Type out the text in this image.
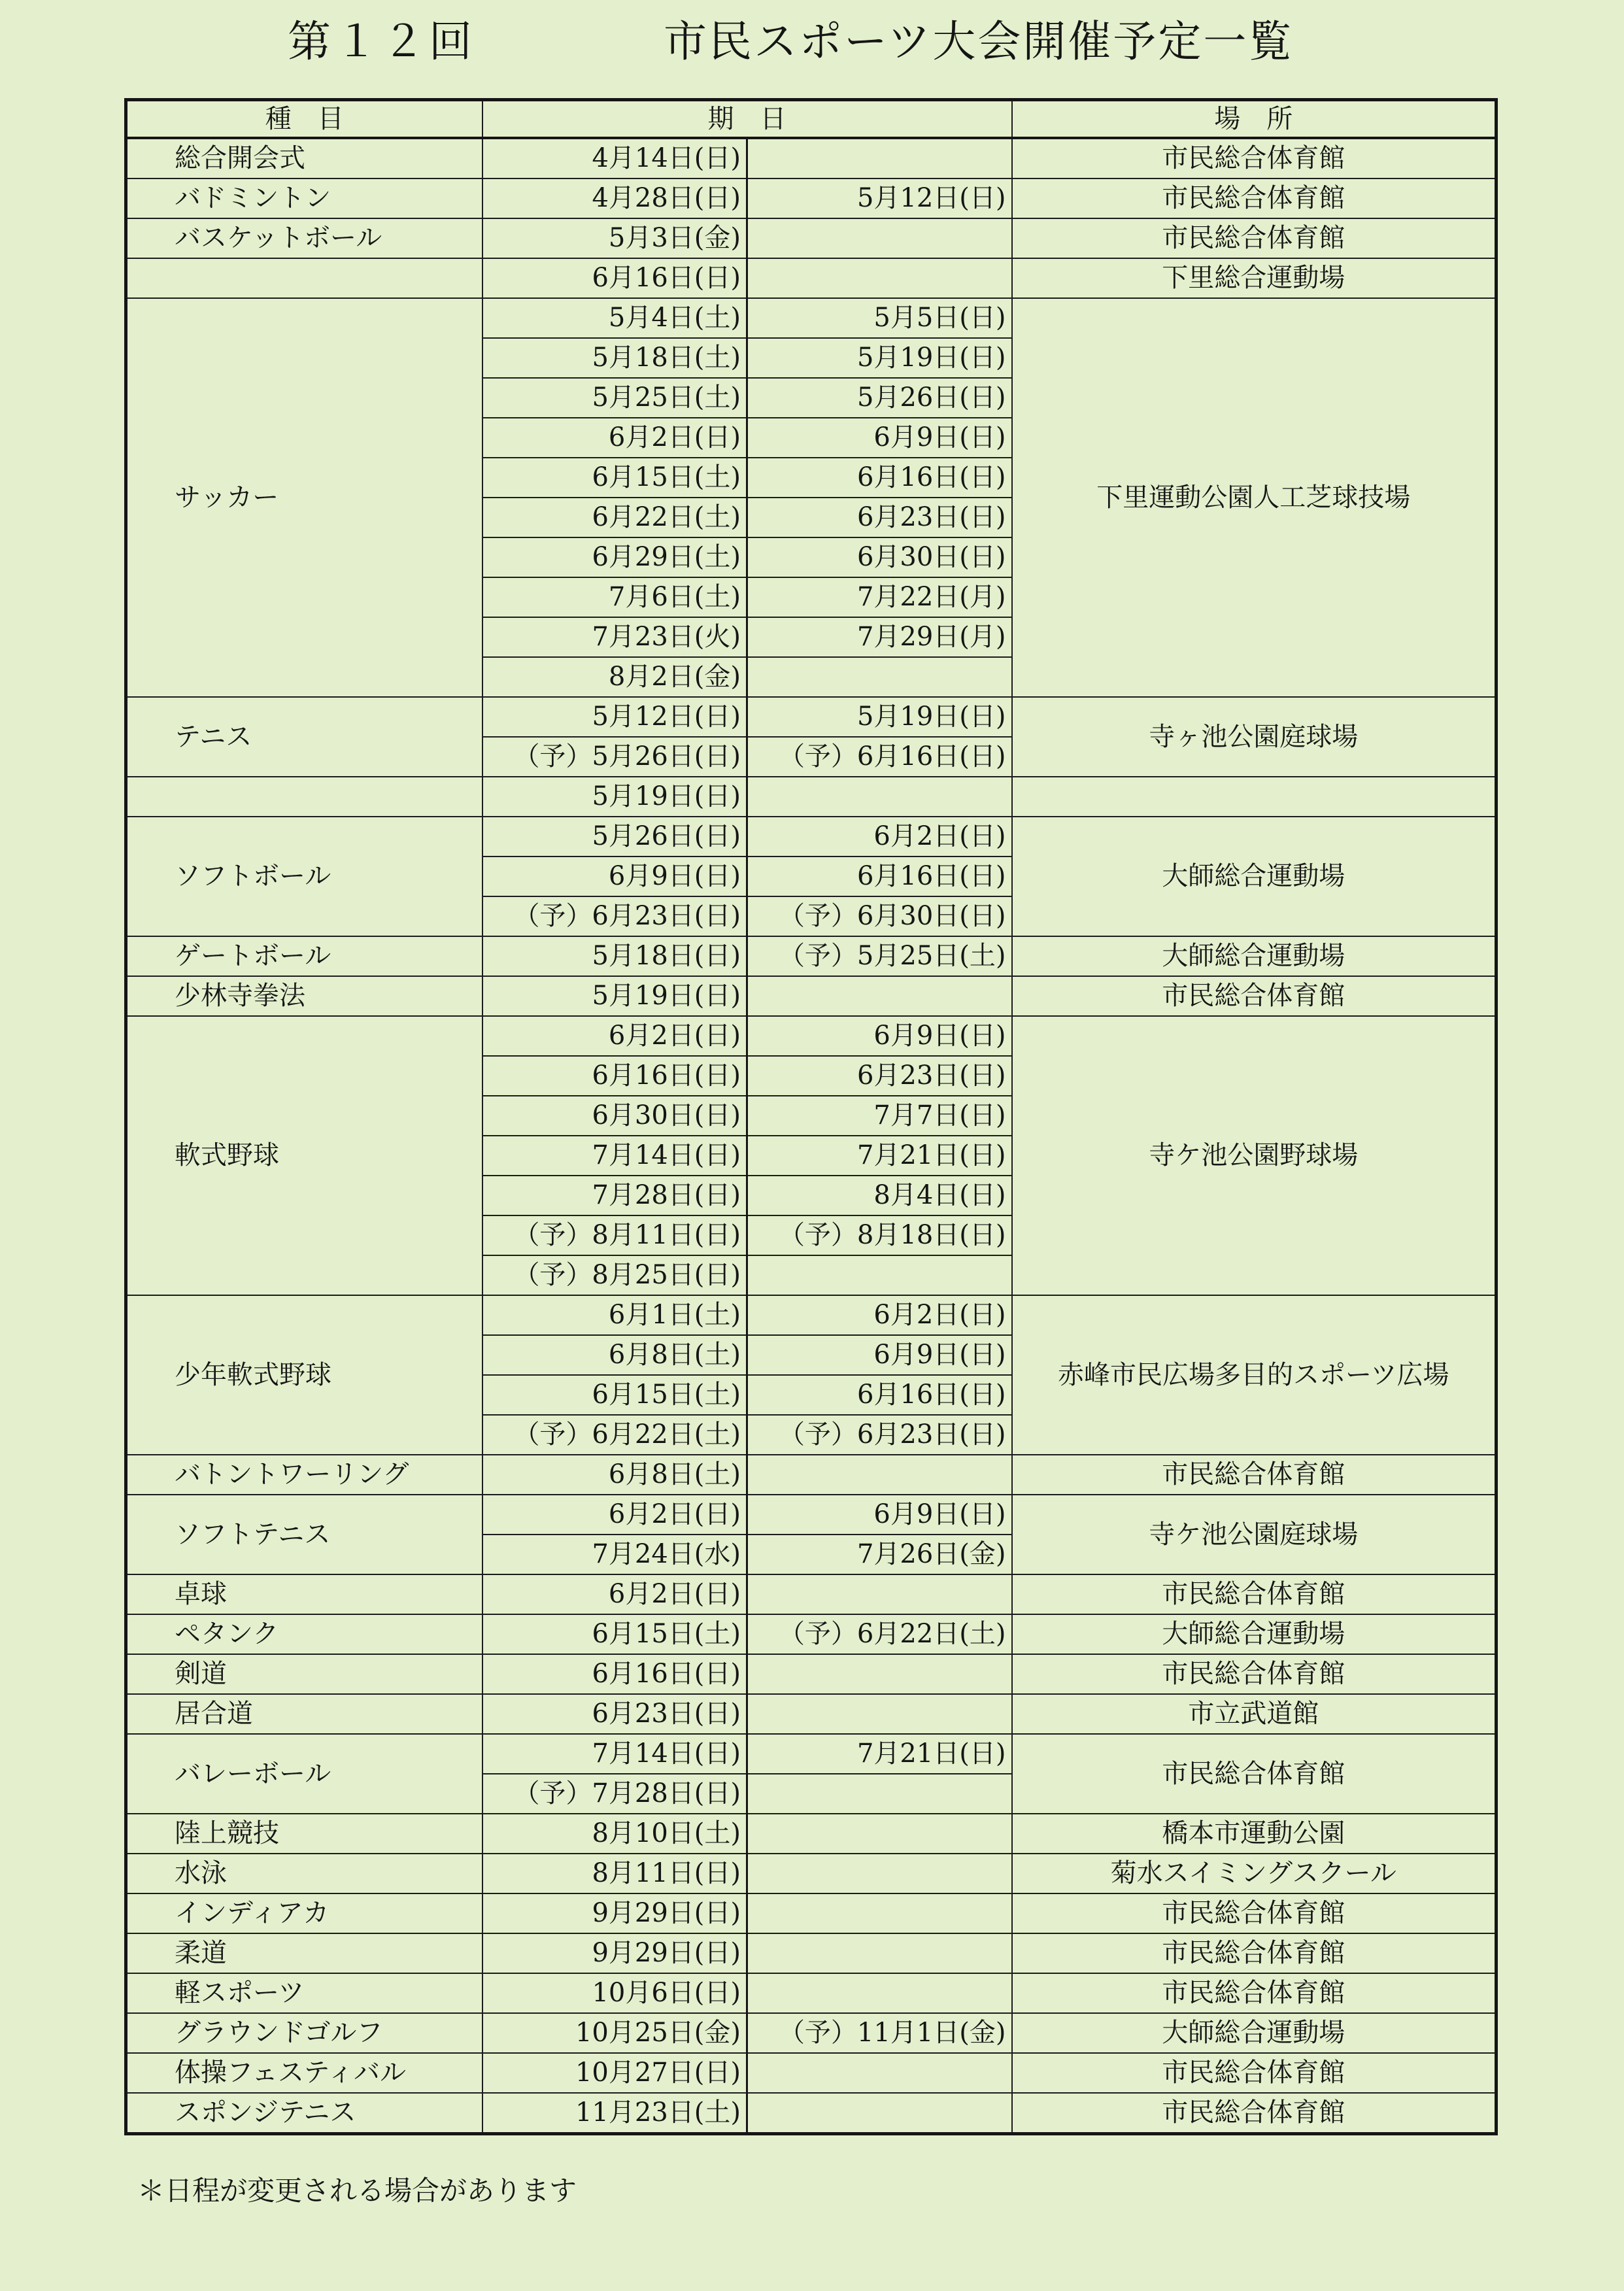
第１２回	市民スポーツ大会開催予定一覧
種　目	期　日		場　所
総合開会式	4月14日(日)		市民総合体育館
バドミントン	4月28日(日)	5月12日(日)	市民総合体育館
バスケットボール	5月3日(金)		市民総合体育館
	6月16日(日)		下里総合運動場
サッカー	5月4日(土)	5月5日(日)	下里運動公園人工芝球技場
	5月18日(土)	5月19日(日)	
	5月25日(土)	5月26日(日)	
	6月2日(日)	6月9日(日)	
	6月15日(土)	6月16日(日)	
	6月22日(土)	6月23日(日)	
	6月29日(土)	6月30日(日)	
	7月6日(土)	7月22日(月)	
	7月23日(火)	7月29日(月)	
	8月2日(金)		
テニス	5月12日(日)	5月19日(日)	寺ヶ池公園庭球場
	（予）5月26日(日)	（予）6月16日(日)	
	5月19日(日)		
ソフトボール	5月26日(日)	6月2日(日)	大師総合運動場
	6月9日(日)	6月16日(日)	
	（予）6月23日(日)	（予）6月30日(日)	
ゲートボール	5月18日(日)	（予）5月25日(土)	大師総合運動場
少林寺拳法	5月19日(日)		市民総合体育館
軟式野球	6月2日(日)	6月9日(日)	寺ケ池公園野球場
	6月16日(日)	6月23日(日)	
	6月30日(日)	7月7日(日)	
	7月14日(日)	7月21日(日)	
	7月28日(日)	8月4日(日)	
	（予）8月11日(日)	（予）8月18日(日)	
	（予）8月25日(日)		
少年軟式野球	6月1日(土)	6月2日(日)	赤峰市民広場多目的スポーツ広場
	6月8日(土)	6月9日(日)	
	6月15日(土)	6月16日(日)	
	（予）6月22日(土)	（予）6月23日(日)	
バトントワーリング	6月8日(土)		市民総合体育館
ソフトテニス	6月2日(日)	6月9日(日)	寺ケ池公園庭球場
	7月24日(水)	7月26日(金)	
卓球	6月2日(日)		市民総合体育館
ペタンク	6月15日(土)	（予）6月22日(土)	大師総合運動場
剣道	6月16日(日)		市民総合体育館
居合道	6月23日(日)		市立武道館
バレーボール	7月14日(日)	7月21日(日)	市民総合体育館
	（予）7月28日(日)		
陸上競技	8月10日(土)		橋本市運動公園
水泳	8月11日(日)		菊水スイミングスクール
インディアカ	9月29日(日)		市民総合体育館
柔道	9月29日(日)		市民総合体育館
軽スポーツ	10月6日(日)		市民総合体育館
グラウンドゴルフ	10月25日(金)	（予）11月1日(金)	大師総合運動場
体操フェスティバル	10月27日(日)		市民総合体育館
スポンジテニス	11月23日(土)		市民総合体育館
＊日程が変更される場合があります
